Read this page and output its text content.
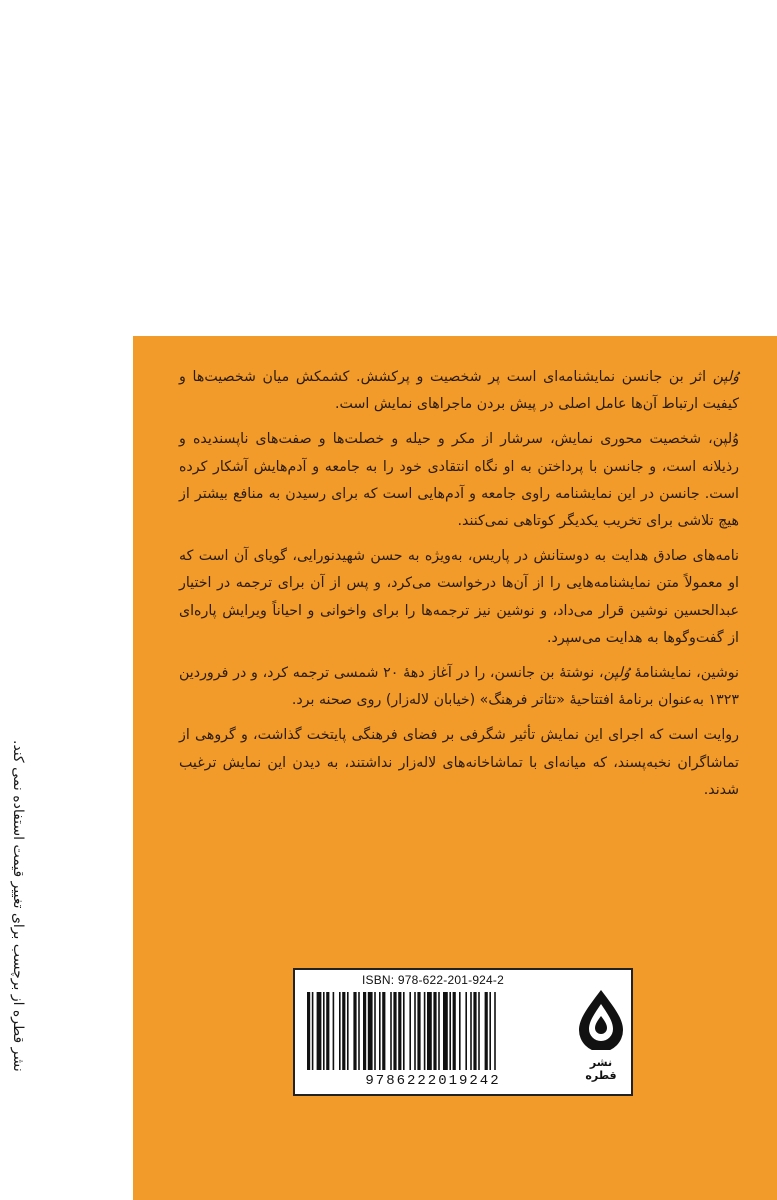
نشر قطره از برچسب برای تغییر قیمت استفاده نمی کند.

وُلپن اثر بن جانسن نمایشنامه‌ای است پر شخصیت و پرکشش. کشمکش میان شخصیت‌ها و کیفیت ارتباط آن‌ها عامل اصلی در پیش بردن ماجراهای نمایش است.

وُلپن، شخصیت محوری نمایش، سرشار از مکر و حیله و خصلت‌ها و صفت‌های ناپسندیده و رذیلانه است، و جانسن با پرداختن به او نگاه انتقادی خود را به جامعه و آدم‌هایش آشکار کرده است. جانسن در این نمایشنامه راوی جامعه و آدم‌هایی است که برای رسیدن به منافع بیشتر از هیچ تلاشی برای تخریب یکدیگر کوتاهی نمی‌کنند.

نامه‌های صادق هدایت به دوستانش در پاریس، به‌ویژه به حسن شهیدنورایی، گویای آن است که او معمولاً متن نمایشنامه‌هایی را از آن‌ها درخواست می‌کرد، و پس از آن برای ترجمه در اختیار عبدالحسین نوشین قرار می‌داد، و نوشین نیز ترجمه‌ها را برای واخوانی و احیاناً ویرایش پاره‌ای از گفت‌وگوها به هدایت می‌سپرد.

نوشین، نمایشنامهٔ وُلپن، نوشتهٔ بن جانسن، را در آغاز دههٔ ۲۰ شمسی ترجمه کرد، و در فروردین ۱۳۲۳ به‌عنوان برنامهٔ افتتاحیهٔ «تئاتر فرهنگ» (خیابان لاله‌زار) روی صحنه برد.

روایت است که اجرای این نمایش تأثیر شگرفی بر فضای فرهنگی پایتخت گذاشت، و گروهی از تماشاگران نخبه‌پسند، که میانه‌ای با تماشاخانه‌های لاله‌زار نداشتند، به دیدن این نمایش ترغیب شدند.

ISBN: 978-622-201-924-2
9786222019242
نشر قطره
